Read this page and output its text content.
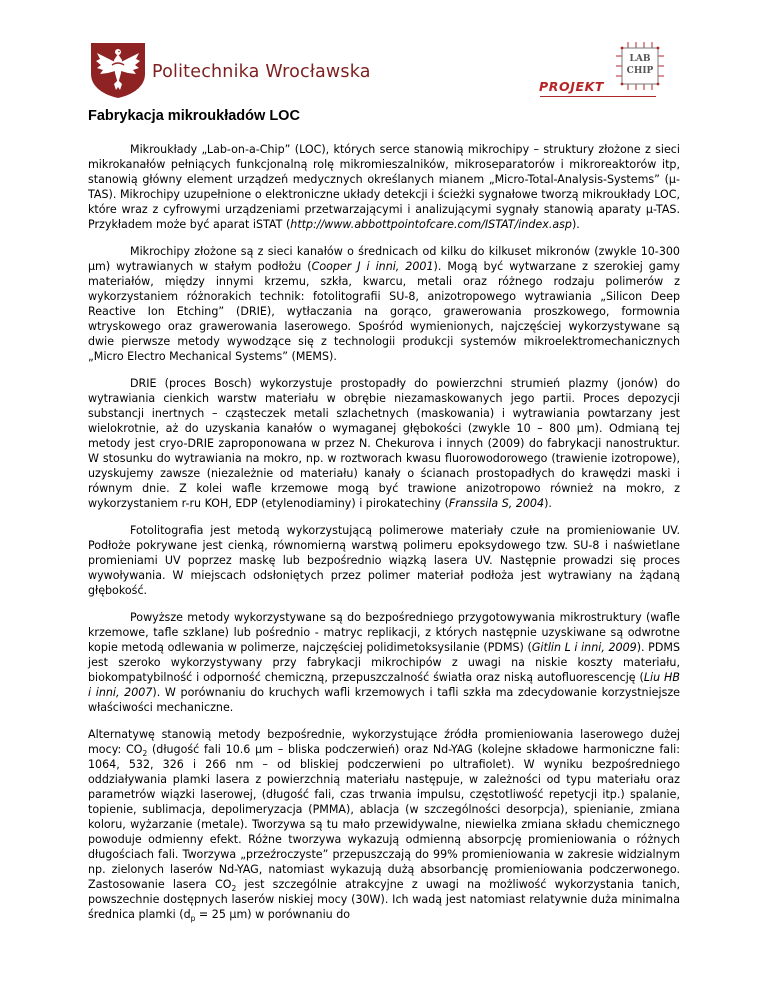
Politechnika Wrocławska
LAB
CHIP
PROJEKT
Fabrykacja mikroukładów LOC

Mikroukłady „Lab-on-a-Chip” (LOC), których serce stanowią mikrochipy – struktury złożone z sieci mikrokanałów pełniących funkcjonalną rolę mikromieszalników, mikroseparatorów i mikroreaktorów itp, stanowią główny element urządzeń medycznych określanych mianem „Micro-Total-Analysis-Systems” (µ-TAS). Mikrochipy uzupełnione o elektroniczne układy detekcji i ścieżki sygnałowe tworzą mikroukłady LOC, które wraz z cyfrowymi urządzeniami przetwarzającymi i analizującymi sygnały stanowią aparaty µ-TAS. Przykładem może być aparat iSTAT (http://www.abbottpointofcare.com/ISTAT/index.asp).

Mikrochipy złożone są z sieci kanałów o średnicach od kilku do kilkuset mikronów (zwykle 10-300 µm) wytrawianych w stałym podłożu (Cooper J i inni, 2001). Mogą być wytwarzane z szerokiej gamy materiałów, między innymi krzemu, szkła, kwarcu, metali oraz różnego rodzaju polimerów z wykorzystaniem różnorakich technik: fotolitografii SU-8, anizotropowego wytrawiania „Silicon Deep Reactive Ion Etching” (DRIE), wytłaczania na gorąco, grawerowania proszkowego, formownia wtryskowego oraz grawerowania laserowego. Spośród wymienionych, najczęściej wykorzystywane są dwie pierwsze metody wywodzące się z technologii produkcji systemów mikroelektromechanicznych „Micro Electro Mechanical Systems” (MEMS).

DRIE (proces Bosch) wykorzystuje prostopadły do powierzchni strumień plazmy (jonów) do wytrawiania cienkich warstw materiału w obrębie niezamaskowanych jego partii. Proces depozycji substancji inertnych – cząsteczek metali szlachetnych (maskowania) i wytrawiania powtarzany jest wielokrotnie, aż do uzyskania kanałów o wymaganej głębokości (zwykle 10 – 800 µm). Odmianą tej metody jest cryo-DRIE zaproponowana w przez N. Chekurova i innych (2009) do fabrykacji nanostruktur. W stosunku do wytrawiania na mokro, np. w roztworach kwasu fluorowodorowego (trawienie izotropowe), uzyskujemy zawsze (niezależnie od materiału) kanały o ścianach prostopadłych do krawędzi maski i równym dnie. Z kolei wafle krzemowe mogą być trawione anizotropowo również na mokro, z wykorzystaniem r-ru KOH, EDP (etylenodiaminy) i pirokatechiny (Franssila S, 2004).

Fotolitografia jest metodą wykorzystującą polimerowe materiały czułe na promieniowanie UV. Podłoże pokrywane jest cienką, równomierną warstwą polimeru epoksydowego tzw. SU-8 i naświetlane promieniami UV poprzez maskę lub bezpośrednio wiązką lasera UV. Następnie prowadzi się proces wywoływania. W miejscach odsłoniętych przez polimer materiał podłoża jest wytrawiany na żądaną głębokość.

Powyższe metody wykorzystywane są do bezpośredniego przygotowywania mikrostruktury (wafle krzemowe, tafle szklane) lub pośrednio - matryc replikacji, z których następnie uzyskiwane są odwrotne kopie metodą odlewania w polimerze, najczęściej polidimetoksysilanie (PDMS) (Gitlin L i inni, 2009). PDMS jest szeroko wykorzystywany przy fabrykacji mikrochipów z uwagi na niskie koszty materiału, biokompatybilność i odporność chemiczną, przepuszczalność światła oraz niską autofluorescencję (Liu HB i inni, 2007). W porównaniu do kruchych wafli krzemowych i tafli szkła ma zdecydowanie korzystniejsze właściwości mechaniczne.

Alternatywę stanowią metody bezpośrednie, wykorzystujące źródła promieniowania laserowego dużej mocy: $CO_2$ (długość fali 10.6 µm – bliska podczerwień) oraz Nd-YAG (kolejne składowe harmoniczne fali: 1064, 532, 326 i 266 nm – od bliskiej podczerwieni po ultrafiolet). W wyniku bezpośredniego oddziaływania plamki lasera z powierzchnią materiału następuje, w zależności od typu materiału oraz parametrów wiązki laserowej, (długość fali, czas trwania impulsu, częstotliwość repetycji itp.) spalanie, topienie, sublimacja, depolimeryzacja (PMMA), ablacja (w szczególności desorpcja), spienianie, zmiana koloru, wyżarzanie (metale). Tworzywa są tu mało przewidywalne, niewielka zmiana składu chemicznego powoduje odmienny efekt. Różne tworzywa wykazują odmienną absorpcję promieniowania o różnych długościach fali. Tworzywa „przeźroczyste” przepuszczają do 99% promieniowania w zakresie widzialnym np. zielonych laserów Nd-YAG, natomiast wykazują dużą absorbancję promieniowania podczerwonego. Zastosowanie lasera $CO_2$ jest szczególnie atrakcyjne z uwagi na możliwość wykorzystania tanich, powszechnie dostępnych laserów niskiej mocy (30W). Ich wadą jest natomiast relatywnie duża minimalna średnica plamki ($d_p = 25$ µm) w porównaniu do
